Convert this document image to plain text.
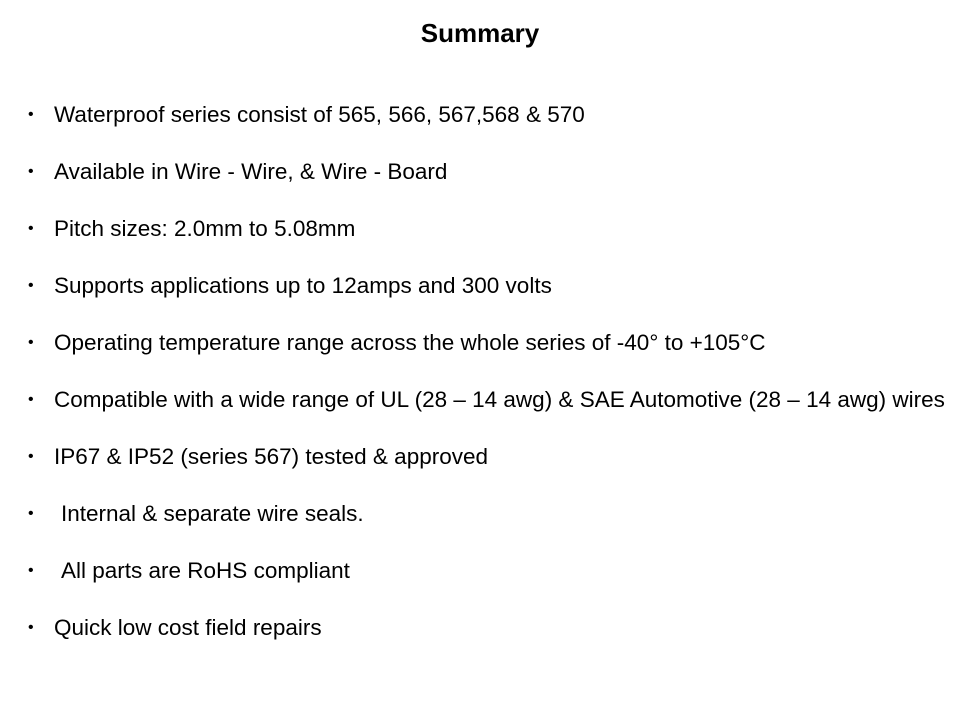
Summary
• Waterproof series consist of 565, 566, 567,568 & 570
• Available in Wire - Wire, & Wire - Board
• Pitch sizes: 2.0mm to 5.08mm
• Supports applications up to 12amps and 300 volts
• Operating temperature range across the whole series of -40° to +105°C
• Compatible with a wide range of UL (28 – 14 awg) & SAE Automotive (28 – 14 awg) wires
• IP67 & IP52 (series 567) tested & approved
•	Internal & separate wire seals.
•	All parts are RoHS compliant
• Quick low cost field repairs
